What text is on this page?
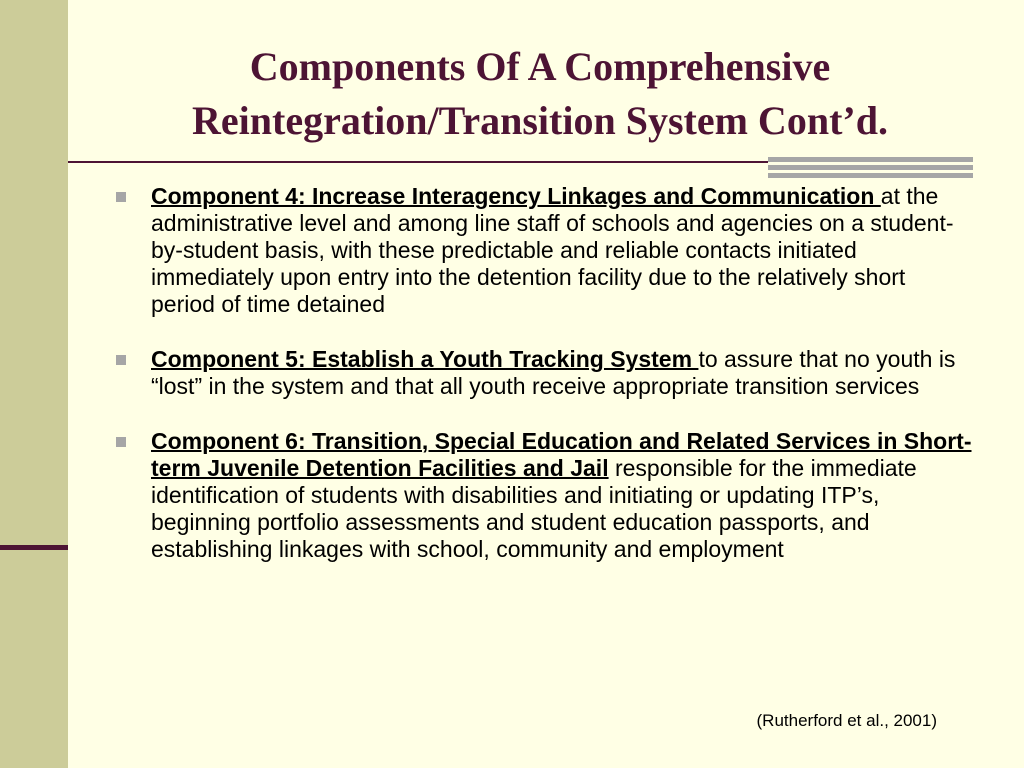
Components Of A Comprehensive
Reintegration/Transition System Cont’d.
Component 4: Increase Interagency Linkages and Communication at the administrative level and among line staff of schools and agencies on a student-by-student basis, with these predictable and reliable contacts initiated immediately upon entry into the detention facility due to the relatively short period of time detained
Component 5: Establish a Youth Tracking System to assure that no youth is “lost” in the system and that all youth receive appropriate transition services
Component 6: Transition, Special Education and Related Services in Short-term Juvenile Detention Facilities and Jail responsible for the immediate identification of students with disabilities and initiating or updating ITP’s, beginning portfolio assessments and student education passports, and establishing linkages with school, community and employment

(Rutherford et al., 2001)
